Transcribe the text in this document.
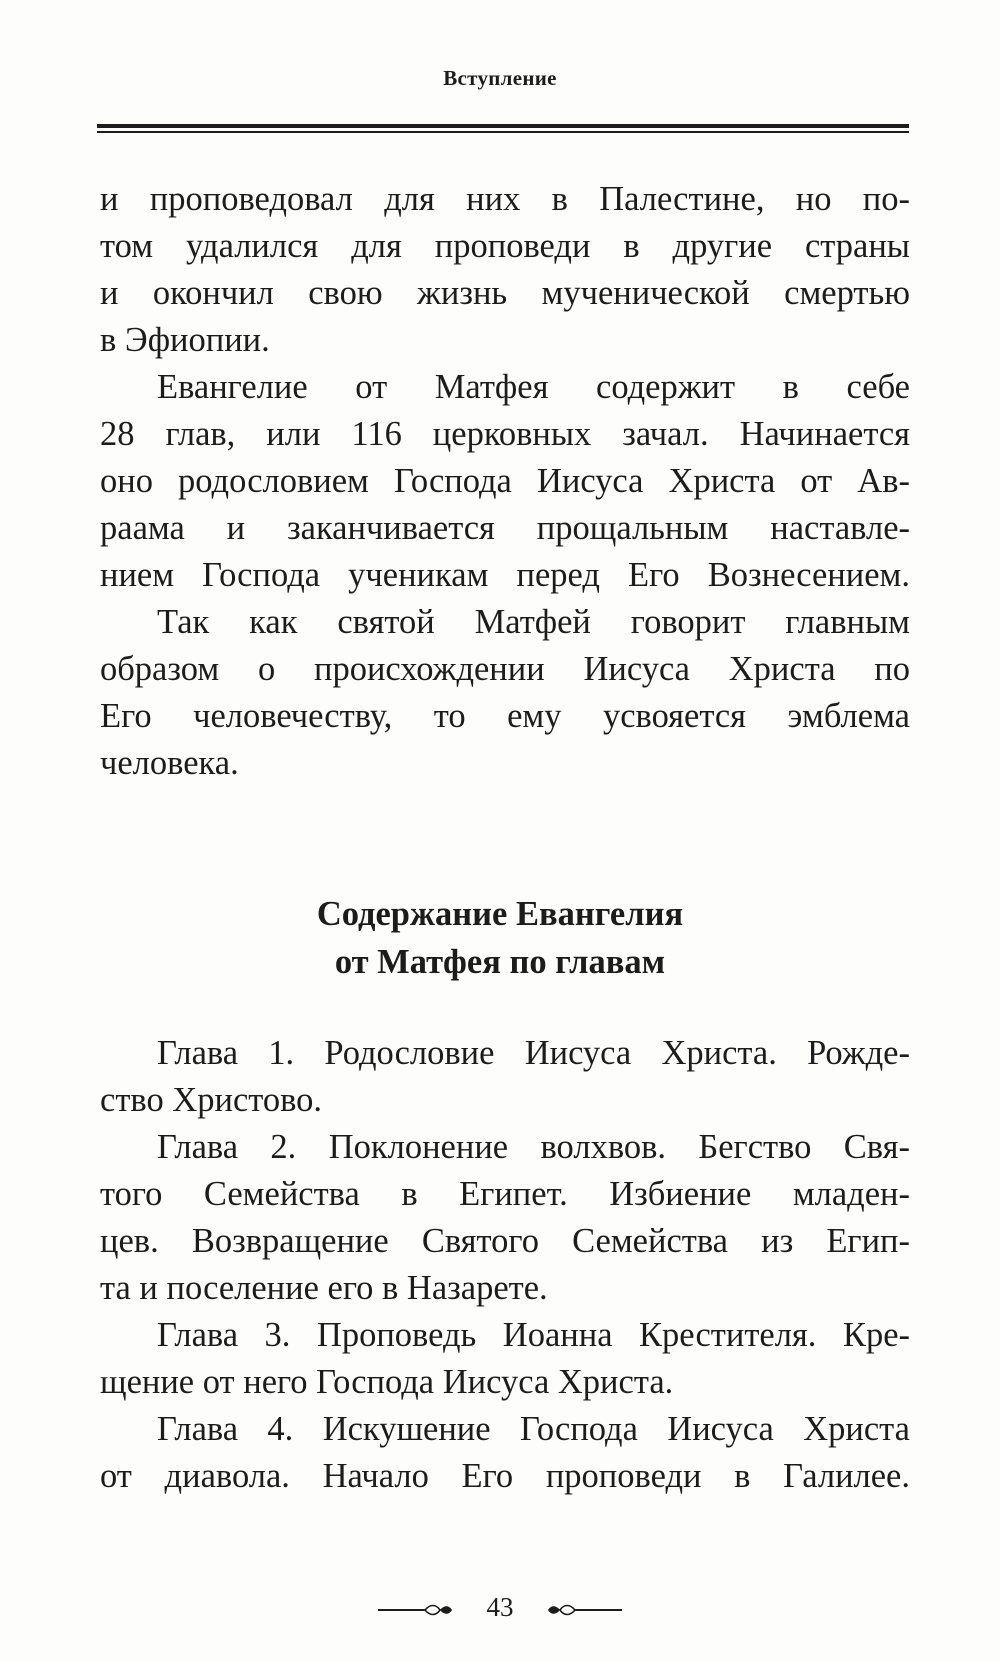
Вступление
и проповедовал для них в Палестине, но по-
том удалился для проповеди в другие страны
и окончил свою жизнь мученической смертью
в Эфиопии.
Евангелие от Матфея содержит в себе
28 глав, или 116 церковных зачал. Начинается
оно родословием Господа Иисуса Христа от Ав-
раама и заканчивается прощальным наставле-
нием Господа ученикам перед Его Вознесением.
Так как святой Матфей говорит главным
образом о происхождении Иисуса Христа по
Его человечеству, то ему усвояется эмблема
человека.
Содержание Евангелия
от Матфея по главам
Глава 1. Родословие Иисуса Христа. Рожде-
ство Христово.
Глава 2. Поклонение волхвов. Бегство Свя-
того Семейства в Египет. Избиение младен-
цев. Возвращение Святого Семейства из Егип-
та и поселение его в Назарете.
Глава 3. Проповедь Иоанна Крестителя. Кре-
щение от него Господа Иисуса Христа.
Глава 4. Искушение Господа Иисуса Христа
от диавола. Начало Его проповеди в Галилее.
43
